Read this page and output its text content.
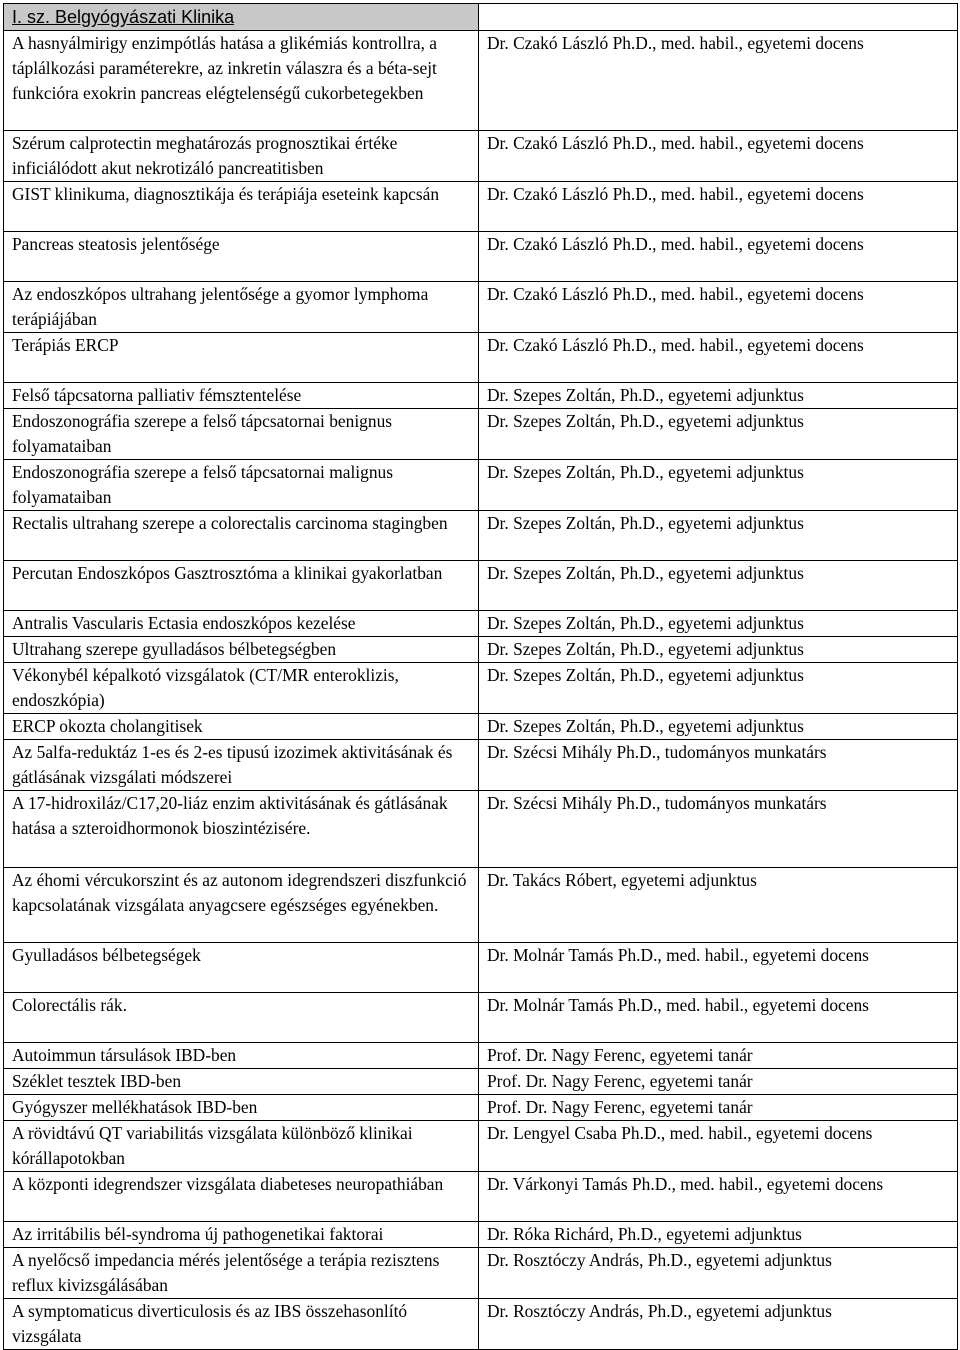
I. sz. Belgyógyászati Klinika	
A hasnyálmirigy enzimpótlás hatása a glikémiás kontrollra, a táplálkozási paraméterekre, az inkretin válaszra és a béta-sejt funkcióra exokrin pancreas elégtelenségű cukorbetegekben	Dr. Czakó László Ph.D., med. habil., egyetemi docens
Szérum calprotectin meghatározás prognosztikai értéke inficiálódott akut nekrotizáló pancreatitisben	Dr. Czakó László Ph.D., med. habil., egyetemi docens
GIST klinikuma, diagnosztikája és terápiája eseteink kapcsán	Dr. Czakó László Ph.D., med. habil., egyetemi docens
Pancreas steatosis jelentősége	Dr. Czakó László Ph.D., med. habil., egyetemi docens
Az endoszkópos ultrahang jelentősége a gyomor lymphoma terápiájában	Dr. Czakó László Ph.D., med. habil., egyetemi docens
Terápiás ERCP	Dr. Czakó László Ph.D., med. habil., egyetemi docens
Felső tápcsatorna palliativ fémsztentelése	Dr. Szepes Zoltán, Ph.D., egyetemi adjunktus
Endoszonográfia szerepe a felső tápcsatornai benignus folyamataiban	Dr. Szepes Zoltán, Ph.D., egyetemi adjunktus
Endoszonográfia szerepe a felső tápcsatornai malignus folyamataiban	Dr. Szepes Zoltán, Ph.D., egyetemi adjunktus
Rectalis ultrahang szerepe a colorectalis carcinoma stagingben	Dr. Szepes Zoltán, Ph.D., egyetemi adjunktus
Percutan Endoszkópos Gasztrosztóma a klinikai gyakorlatban	Dr. Szepes Zoltán, Ph.D., egyetemi adjunktus
Antralis Vascularis Ectasia endoszkópos kezelése	Dr. Szepes Zoltán, Ph.D., egyetemi adjunktus
Ultrahang szerepe gyulladásos bélbetegségben	Dr. Szepes Zoltán, Ph.D., egyetemi adjunktus
Vékonybél képalkotó vizsgálatok (CT/MR enteroklizis, endoszkópia)	Dr. Szepes Zoltán, Ph.D., egyetemi adjunktus
ERCP okozta cholangitisek	Dr. Szepes Zoltán, Ph.D., egyetemi adjunktus
Az 5alfa-reduktáz 1-es és 2-es tipusú izozimek aktivitásának és gátlásának vizsgálati módszerei	Dr. Szécsi Mihály Ph.D., tudományos munkatárs
A 17-hidroxiláz/C17,20-liáz enzim aktivitásának és gátlásának hatása a szteroidhormonok bioszintézisére.	Dr. Szécsi Mihály Ph.D., tudományos munkatárs
Az éhomi vércukorszint és az autonom idegrendszeri diszfunkció kapcsolatának vizsgálata anyagcsere egészséges egyénekben.	Dr. Takács Róbert, egyetemi adjunktus
Gyulladásos bélbetegségek	Dr. Molnár Tamás Ph.D., med. habil., egyetemi docens
Colorectális rák.	Dr. Molnár Tamás Ph.D., med. habil., egyetemi docens
Autoimmun társulások IBD-ben	Prof. Dr. Nagy Ferenc, egyetemi tanár
Széklet tesztek IBD-ben	Prof. Dr. Nagy Ferenc, egyetemi tanár
Gyógyszer mellékhatások IBD-ben	Prof. Dr. Nagy Ferenc, egyetemi tanár
A rövidtávú QT variabilitás vizsgálata különböző klinikai kórállapotokban	Dr. Lengyel Csaba Ph.D., med. habil., egyetemi docens
A központi idegrendszer vizsgálata diabeteses neuropathiában	Dr. Várkonyi Tamás Ph.D., med. habil., egyetemi docens
Az irritábilis bél-syndroma új pathogenetikai faktorai	Dr. Róka Richárd, Ph.D., egyetemi adjunktus
A nyelőcső impedancia mérés jelentősége a terápia rezisztens reflux kivizsgálásában	Dr. Rosztóczy András, Ph.D., egyetemi adjunktus
A symptomaticus diverticulosis és az IBS összehasonlító vizsgálata	Dr. Rosztóczy András, Ph.D., egyetemi adjunktus
